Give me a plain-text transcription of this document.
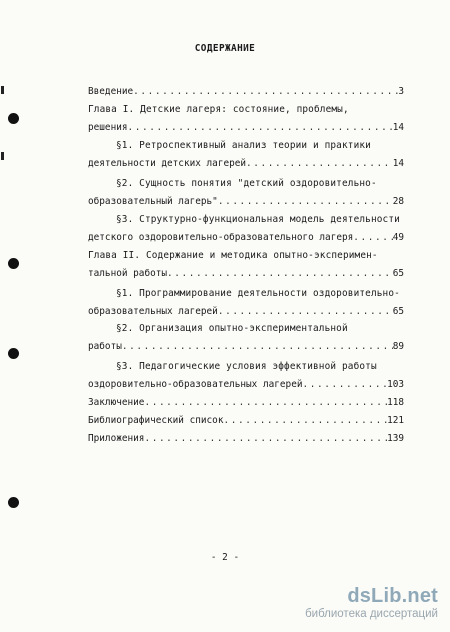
СОДЕРЖАНИЕ
Введение .....	3
Глава I. Детские лагеря: состояние, проблемы,
решения .....	14
§1. Ретроспективный анализ теории и практики
деятельности детских лагерей .....	14
§2. Сущность понятия "детский оздоровительно-
образовательный лагерь" .....	28
§3. Структурно-функциональная модель деятельности
детского оздоровительно-образовательного лагеря .....	49
Глава II. Содержание и методика опытно-эксперимен-
тальной работы .....	65
§1. Программирование деятельности оздоровительно-
образовательных лагерей .....	65
§2. Организация опытно-экспериментальной
работы .....	89
§3. Педагогические условия эффективной работы
оздоровительно-образовательных лагерей .....	103
Заключение .....	118
Библиографический список .....	121
Приложения .....	139
- 2 -
dsLib.net
библиотека диссертаций
